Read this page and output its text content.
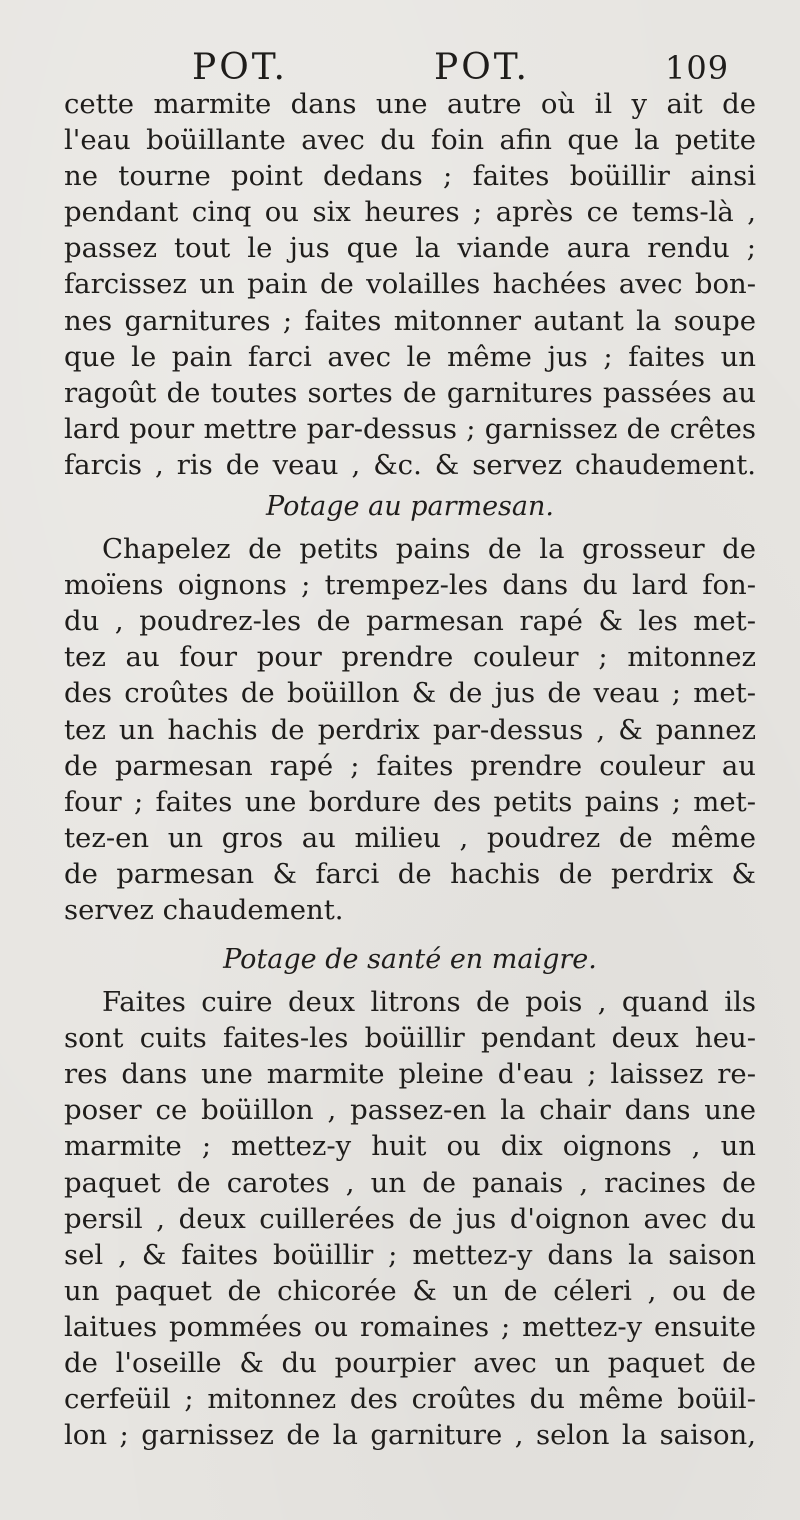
POT.	POT.	109
cette marmite dans une autre où il y ait de
l'eau boüillante avec du foin afin que la petite
ne tourne point dedans ; faites boüillir ainsi
pendant cinq ou six heures ; après ce tems-là ,
passez tout le jus que la viande aura rendu ;
farcissez un pain de volailles hachées avec bon-
nes garnitures ; faites mitonner autant la soupe
que le pain farci avec le même jus ; faites un
ragoût de toutes sortes de garnitures passées au
lard pour mettre par-dessus ; garnissez de crêtes
farcis , ris de veau , &c. & servez chaudement.
Potage au parmesan.
Chapelez de petits pains de la grosseur de
moïens oignons ; trempez-les dans du lard fon-
du , poudrez-les de parmesan rapé & les met-
tez au four pour prendre couleur ; mitonnez
des croûtes de boüillon & de jus de veau ; met-
tez un hachis de perdrix par-dessus , & pannez
de parmesan rapé ; faites prendre couleur au
four ; faites une bordure des petits pains ; met-
tez-en un gros au milieu , poudrez de même
de parmesan & farci de hachis de perdrix &
servez chaudement.
Potage de santé en maigre.
Faites cuire deux litrons de pois , quand ils
sont cuits faites-les boüillir pendant deux heu-
res dans une marmite pleine d'eau ; laissez re-
poser ce boüillon , passez-en la chair dans une
marmite ; mettez-y huit ou dix oignons , un
paquet de carotes , un de panais , racines de
persil , deux cuillerées de jus d'oignon avec du
sel , & faites boüillir ; mettez-y dans la saison
un paquet de chicorée & un de céleri , ou de
laitues pommées ou romaines ; mettez-y ensuite
de l'oseille & du pourpier avec un paquet de
cerfeüil ; mitonnez des croûtes du même boüil-
lon ; garnissez de la garniture , selon la saison,
